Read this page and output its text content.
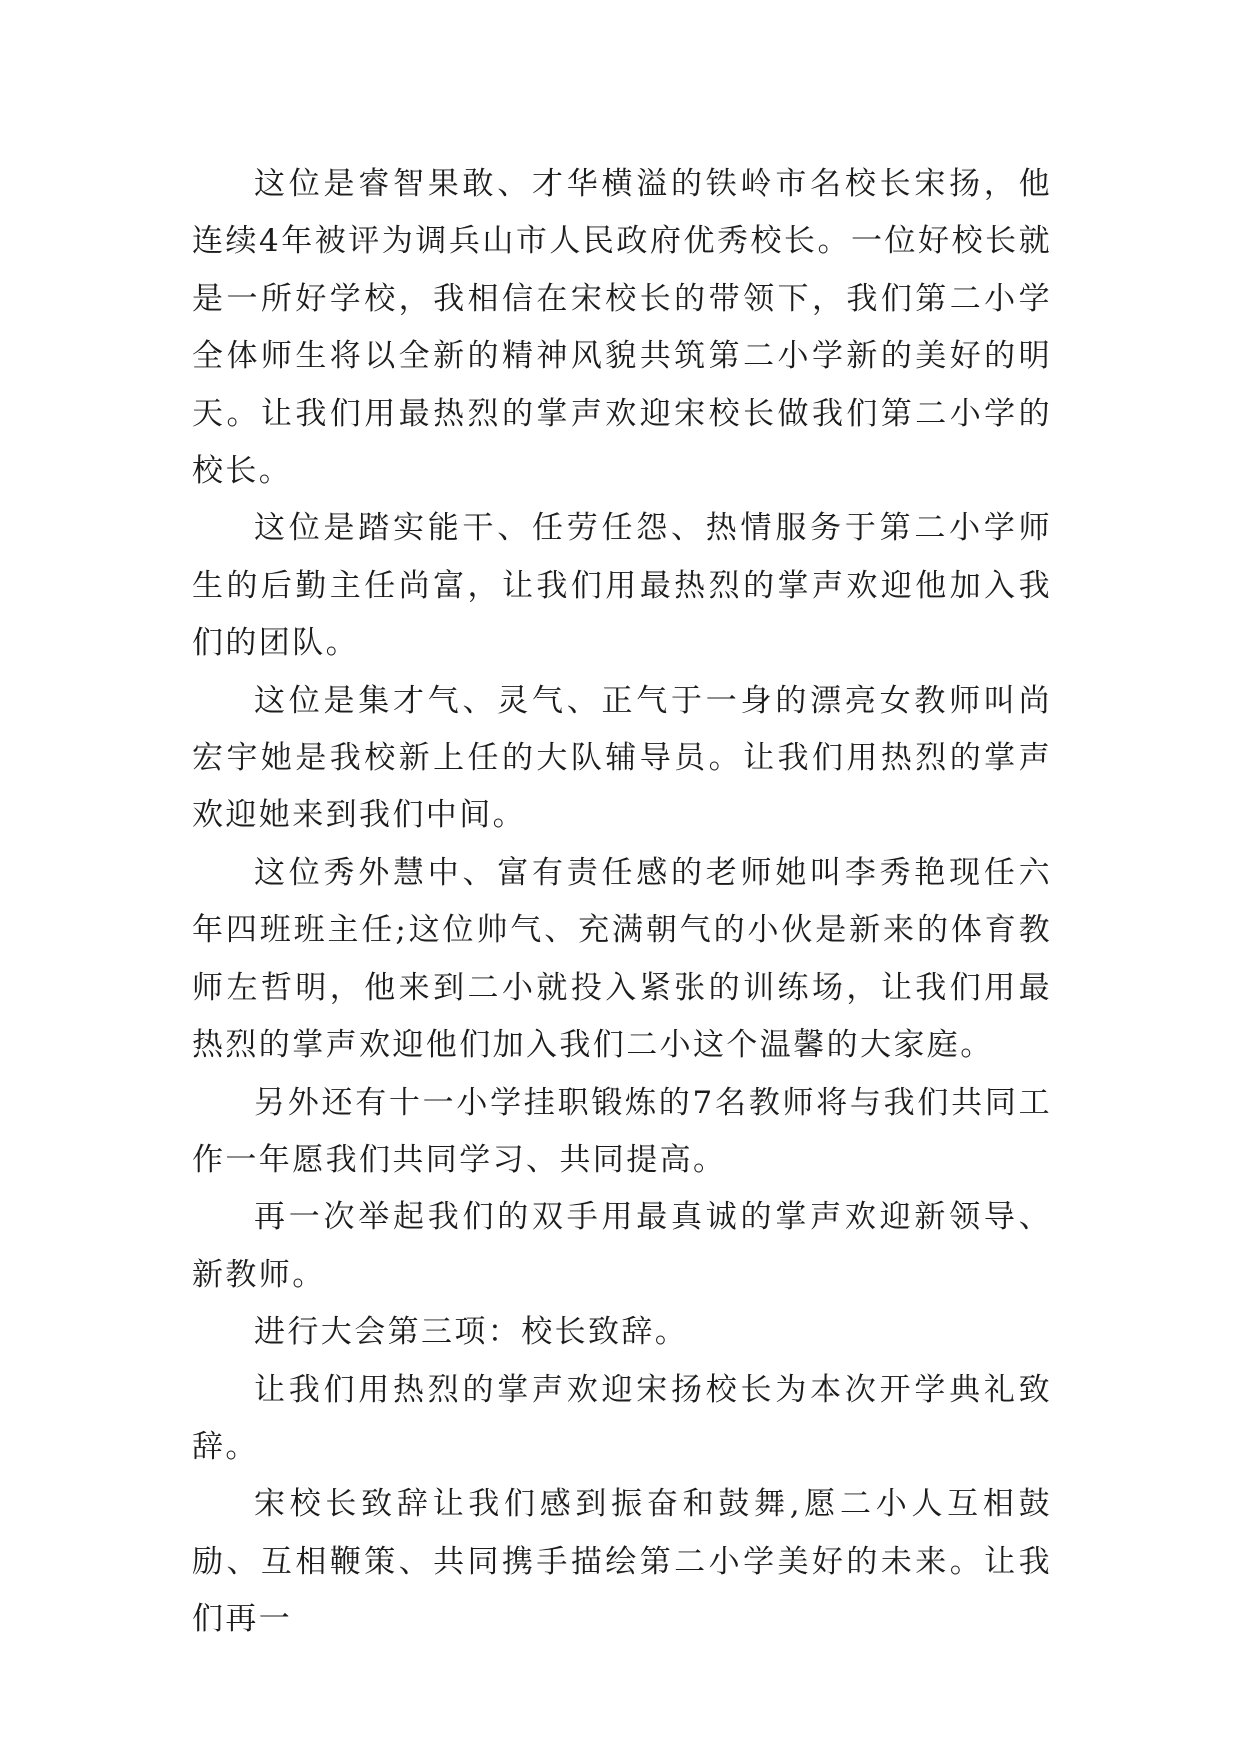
这位是睿智果敢、才华横溢的铁岭市名校长宋扬，他连续4年被评为调兵山市人民政府优秀校长。一位好校长就是一所好学校，我相信在宋校长的带领下，我们第二小学全体师生将以全新的精神风貌共筑第二小学新的美好的明天。让我们用最热烈的掌声欢迎宋校长做我们第二小学的校长。

这位是踏实能干、任劳任怨、热情服务于第二小学师生的后勤主任尚富，让我们用最热烈的掌声欢迎他加入我们的团队。

这位是集才气、灵气、正气于一身的漂亮女教师叫尚宏宇她是我校新上任的大队辅导员。让我们用热烈的掌声欢迎她来到我们中间。

这位秀外慧中、富有责任感的老师她叫李秀艳现任六年四班班主任;这位帅气、充满朝气的小伙是新来的体育教师左哲明，他来到二小就投入紧张的训练场，让我们用最热烈的掌声欢迎他们加入我们二小这个温馨的大家庭。

另外还有十一小学挂职锻炼的7名教师将与我们共同工作一年愿我们共同学习、共同提高。

再一次举起我们的双手用最真诚的掌声欢迎新领导、新教师。

进行大会第三项：校长致辞。

让我们用热烈的掌声欢迎宋扬校长为本次开学典礼致辞。

宋校长致辞让我们感到振奋和鼓舞,愿二小人互相鼓励、互相鞭策、共同携手描绘第二小学美好的未来。让我们再一
